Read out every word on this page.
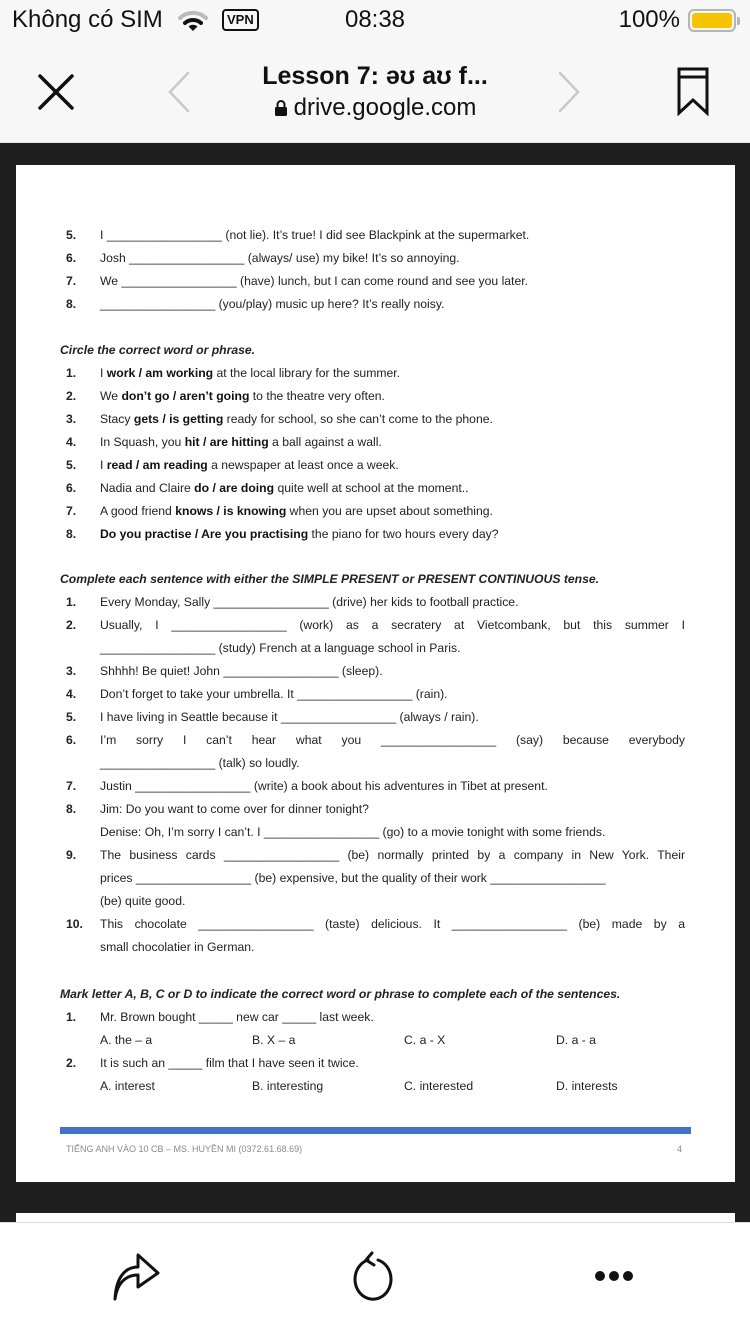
Không có SIM	VPN	08:38	100%
Lesson 7: əʊ aʊ f...
drive.google.com
5. I _________________ (not lie). It’s true! I did see Blackpink at the supermarket.
6. Josh _________________ (always/ use) my bike! It’s so annoying.
7. We _________________ (have) lunch, but I can come round and see you later.
8. _________________ (you/play) music up here? It’s really noisy.
Circle the correct word or phrase.
1. I work / am working at the local library for the summer.
2. We don’t go / aren’t going to the theatre very often.
3. Stacy gets / is getting ready for school, so she can’t come to the phone.
4. In Squash, you hit / are hitting a ball against a wall.
5. I read / am reading a newspaper at least once a week.
6. Nadia and Claire do / are doing quite well at school at the moment..
7. A good friend knows / is knowing when you are upset about something.
8. Do you practise / Are you practising the piano for two hours every day?
Complete each sentence with either the SIMPLE PRESENT or PRESENT CONTINUOUS tense.
1. Every Monday, Sally _________________ (drive) her kids to football practice.
2. Usually, I _________________ (work) as a secratery at Vietcombank, but this summer I
_________________ (study) French at a language school in Paris.
3. Shhhh! Be quiet! John _________________ (sleep).
4. Don’t forget to take your umbrella. It _________________ (rain).
5. I have living in Seattle because it _________________ (always / rain).
6. I’m sorry I can’t hear what you _________________ (say) because everybody
_________________ (talk) so loudly.
7. Justin _________________ (write) a book about his adventures in Tibet at present.
8. Jim: Do you want to come over for dinner tonight?
Denise: Oh, I’m sorry I can’t. I _________________ (go) to a movie tonight with some friends.
9. The business cards _________________ (be) normally printed by a company in New York. Their
prices _________________ (be) expensive, but the quality of their work _________________
(be) quite good.
10. This chocolate _________________ (taste) delicious. It _________________ (be) made by a
small chocolatier in German.
Mark letter A, B, C or D to indicate the correct word or phrase to complete each of the sentences.
1. Mr. Brown bought _____ new car _____ last week.
A. the – a	B. X – a	C. a - X	D. a - a
2. It is such an _____ film that I have seen it twice.
A. interest	B. interesting	C. interested	D. interests
TIẾNG ANH VÀO 10 CB – MS. HUYỀN MI (0372.61.68.69)	4
